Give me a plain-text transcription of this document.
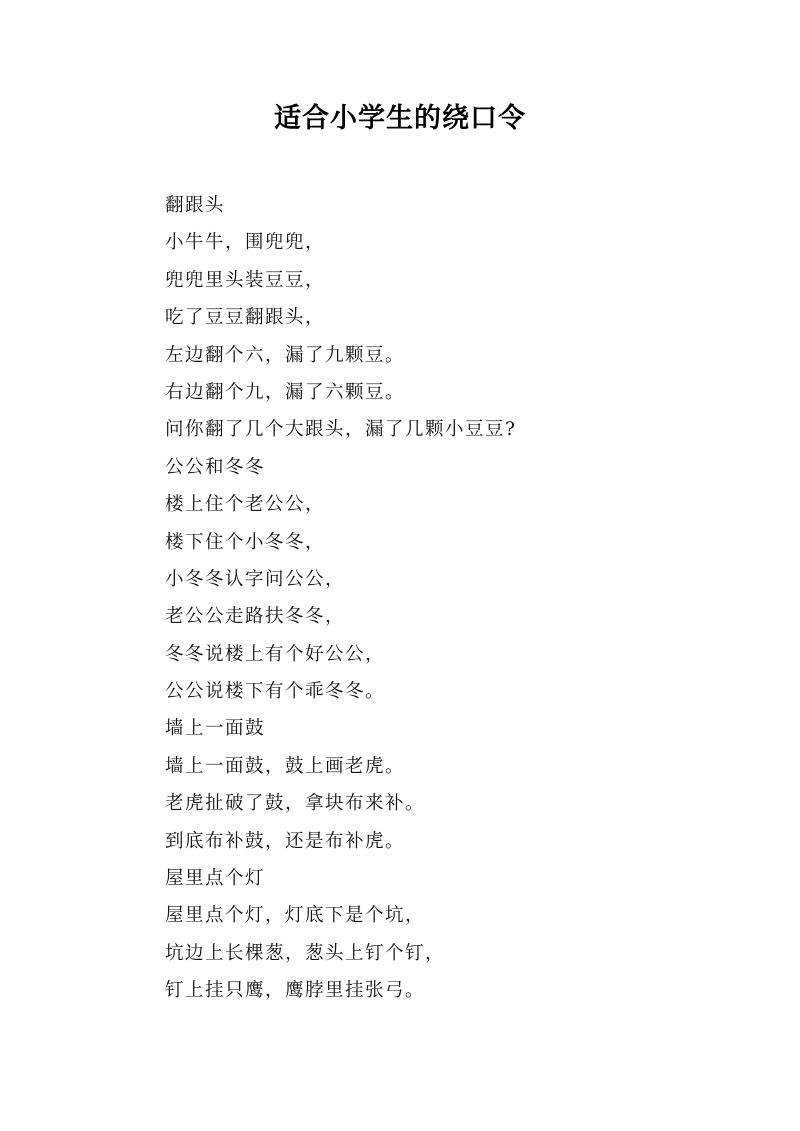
适合小学生的绕口令
翻跟头
小牛牛，围兜兜，
兜兜里头装豆豆，
吃了豆豆翻跟头，
左边翻个六，漏了九颗豆。
右边翻个九，漏了六颗豆。
问你翻了几个大跟头，漏了几颗小豆豆?
公公和冬冬
楼上住个老公公，
楼下住个小冬冬，
小冬冬认字问公公，
老公公走路扶冬冬，
冬冬说楼上有个好公公，
公公说楼下有个乖冬冬。
墙上一面鼓
墙上一面鼓，鼓上画老虎。
老虎扯破了鼓，拿块布来补。
到底布补鼓，还是布补虎。
屋里点个灯
屋里点个灯，灯底下是个坑，
坑边上长棵葱，葱头上钉个钉，
钉上挂只鹰，鹰脖里挂张弓。
